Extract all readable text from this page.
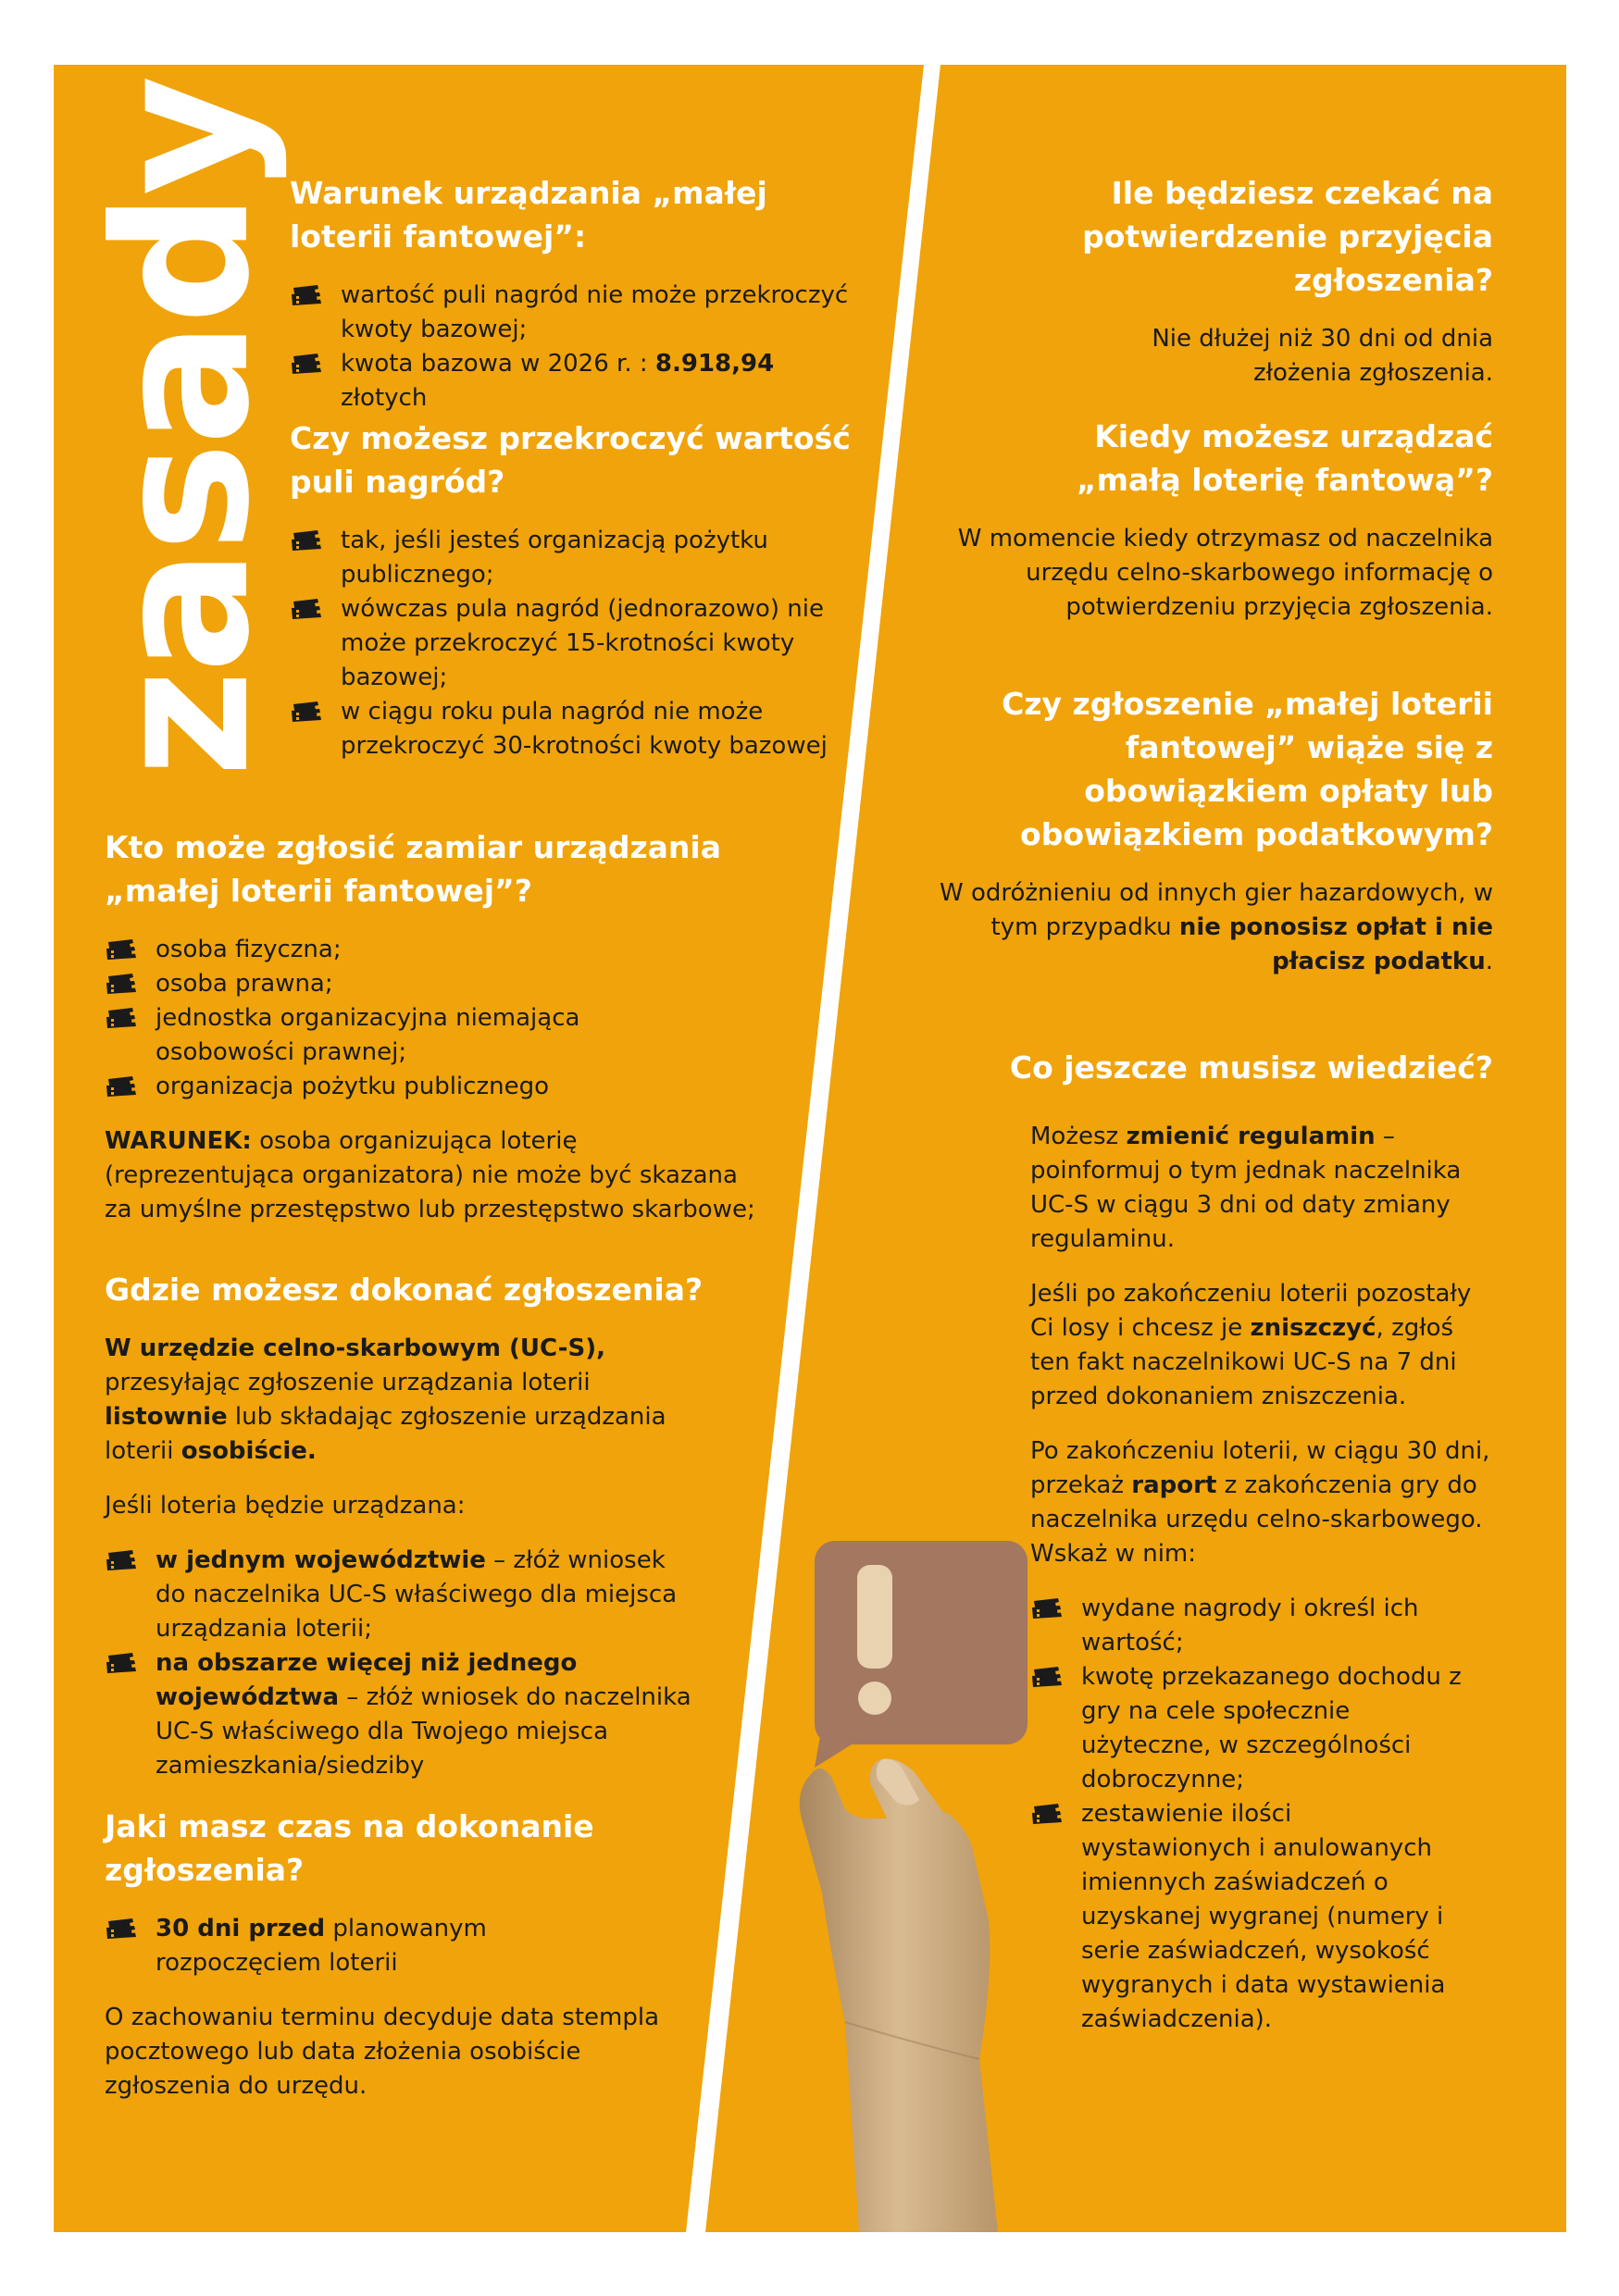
zasady Warunek urządzania „małej loterii fantowej”:
wartość puli nagród nie może przekroczyć kwoty bazowej;
kwota bazowa w 2026 r. : 8.918,94 złotych
Czy możesz przekroczyć wartość puli nagród?
tak, jeśli jesteś organizacją pożytku publicznego;
wówczas pula nagród (jednorazowo) nie może przekroczyć 15-krotności kwoty bazowej;
w ciągu roku pula nagród nie może przekroczyć 30-krotności kwoty bazowej
Kto może zgłosić zamiar urządzania „małej loterii fantowej”?
osoba fizyczna;
osoba prawna;
jednostka organizacyjna niemająca osobowości prawnej;
organizacja pożytku publicznego

WARUNEK: osoba organizująca loterię (reprezentująca organizatora) nie może być skazana za umyślne przestępstwo lub przestępstwo skarbowe;

Gdzie możesz dokonać zgłoszenia?

W urzędzie celno-skarbowym (UC-S), przesyłając zgłoszenie urządzania loterii listownie lub składając zgłoszenie urządzania loterii osobiście.

Jeśli loteria będzie urządzana:

w jednym województwie – złóż wniosek do naczelnika UC-S właściwego dla miejsca urządzania loterii;
na obszarze więcej niż jednego województwa – złóż wniosek do naczelnika UC-S właściwego dla Twojego miejsca zamieszkania/siedziby
Jaki masz czas na dokonanie zgłoszenia?
30 dni przed planowanym rozpoczęciem loterii

O zachowaniu terminu decyduje data stempla pocztowego lub data złożenia osobiście zgłoszenia do urzędu.

Ile będziesz czekać na potwierdzenie przyjęcia zgłoszenia?

Nie dłużej niż 30 dni od dnia złożenia zgłoszenia.

Kiedy możesz urządzać „małą loterię fantową”?

W momencie kiedy otrzymasz od naczelnika urzędu celno-skarbowego informację o potwierdzeniu przyjęcia zgłoszenia.

Czy zgłoszenie „małej loterii fantowej” wiąże się z obowiązkiem opłaty lub obowiązkiem podatkowym?

W odróżnieniu od innych gier hazardowych, w tym przypadku nie ponosisz opłat i nie płacisz podatku.

Co jeszcze musisz wiedzieć?

Możesz zmienić regulamin – poinformuj o tym jednak naczelnika UC-S w ciągu 3 dni od daty zmiany regulaminu.

Jeśli po zakończeniu loterii pozostały Ci losy i chcesz je zniszczyć, zgłoś ten fakt naczelnikowi UC-S na 7 dni przed dokonaniem zniszczenia.

Po zakończeniu loterii, w ciągu 30 dni, przekaż raport z zakończenia gry do naczelnika urzędu celno-skarbowego. Wskaż w nim:

wydane nagrody i określ ich wartość;
kwotę przekazanego dochodu z gry na cele społecznie użyteczne, w szczególności dobroczynne;
zestawienie ilości wystawionych i anulowanych imiennych zaświadczeń o uzyskanej wygranej (numery i serie zaświadczeń, wysokość wygranych i data wystawienia zaświadczenia).
